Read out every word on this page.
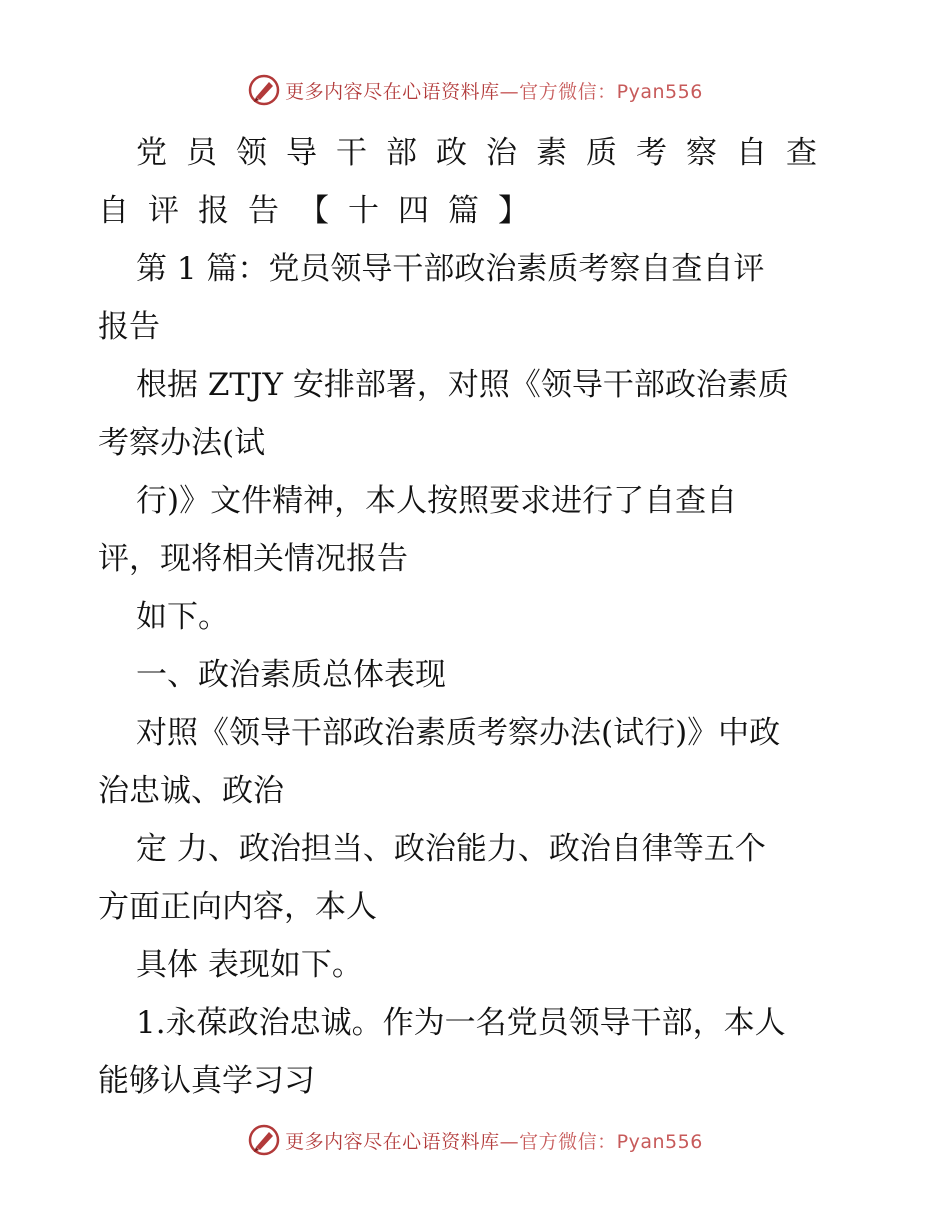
更多内容尽在心语资料库—官方微信：Pyan556
党员领导干部政治素质考察自查
自评报告【十四篇】
第 1 篇：党员领导干部政治素质考察自查自评
报告
根据 ZTJY 安排部署，对照《领导干部政治素质
考察办法(试
行)》文件精神，本人按照要求进行了自查自
评，现将相关情况报告
如下。
一、政治素质总体表现
对照《领导干部政治素质考察办法(试行)》中政
治忠诚、政治
定 力、政治担当、政治能力、政治自律等五个
方面正向内容，本人
具体 表现如下。
1.永葆政治忠诚。作为一名党员领导干部，本人
能够认真学习习
更多内容尽在心语资料库—官方微信：Pyan556
